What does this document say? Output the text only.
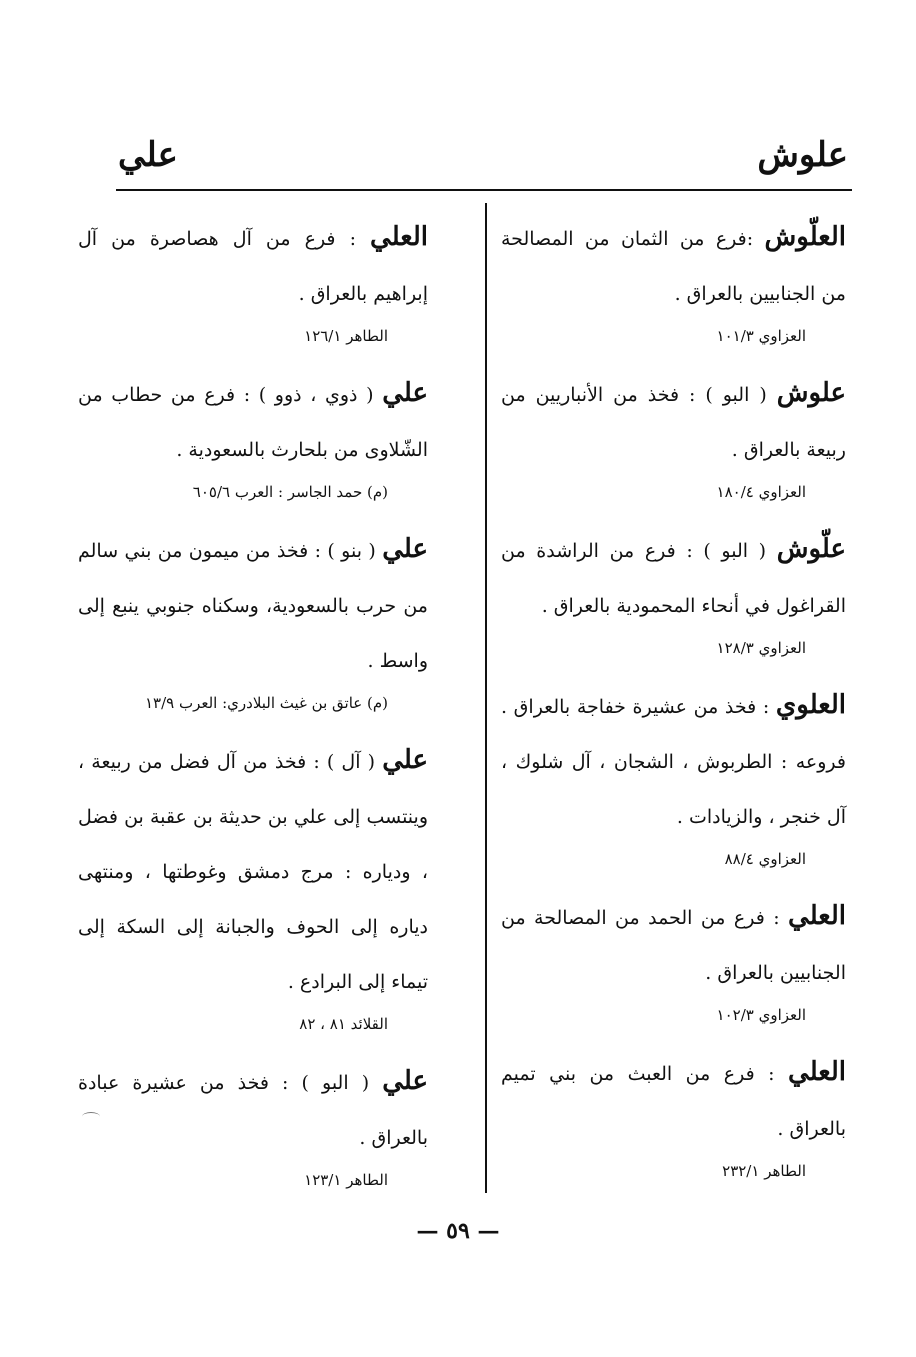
علوش
علي

العلّوش :فرع من الثمان من المصالحة من الجنابيين بالعراق .

العزاوي ١٠١/٣

علوش ( البو ) : فخذ من الأنباريين من ربيعة بالعراق .

العزاوي ١٨٠/٤

علّوش ( البو ) : فرع من الراشدة من القراغول في أنحاء المحمودية بالعراق .

العزاوي ١٢٨/٣

العلوي : فخذ من عشيرة خفاجة بالعراق . فروعه : الطربوش ، الشجان ، آل شلوك ، آل خنجر ، والزيادات .

العزاوي ٨٨/٤

العلي : فرع من الحمد من المصالحة من الجنابيين بالعراق .

العزاوي ١٠٢/٣

العلي : فرع من العبث من بني تميم بالعراق .

الطاهر ٢٣٢/١

العلي : فرع من آل هصاصرة من آل إبراهيم بالعراق .

الطاهر ١٢٦/١

علي ( ذوي ، ذوو ) : فرع من حطاب من الشّلاوى من بلحارث بالسعودية .

(م) حمد الجاسر : العرب ٦٠٥/٦

علي ( بنو ) : فخذ من ميمون من بني سالم من حرب بالسعودية، وسكناه جنوبي ينبع إلى واسط .

(م) عاتق بن غيث البلادري: العرب ١٣/٩

علي ( آل ) : فخذ من آل فضل من ربيعة ، وينتسب إلى علي بن حديثة بن عقبة بن فضل ، ودياره : مرج دمشق وغوطتها ، ومنتهى دياره إلى الحوف والجبانة إلى السكة إلى تيماء إلى البرادع .

القلائد ٨١ ، ٨٢

علي ( البو ) : فخذ من عشيرة عبادة بالعراق .

الطاهر ١٢٣/١

— ٥٩ —
